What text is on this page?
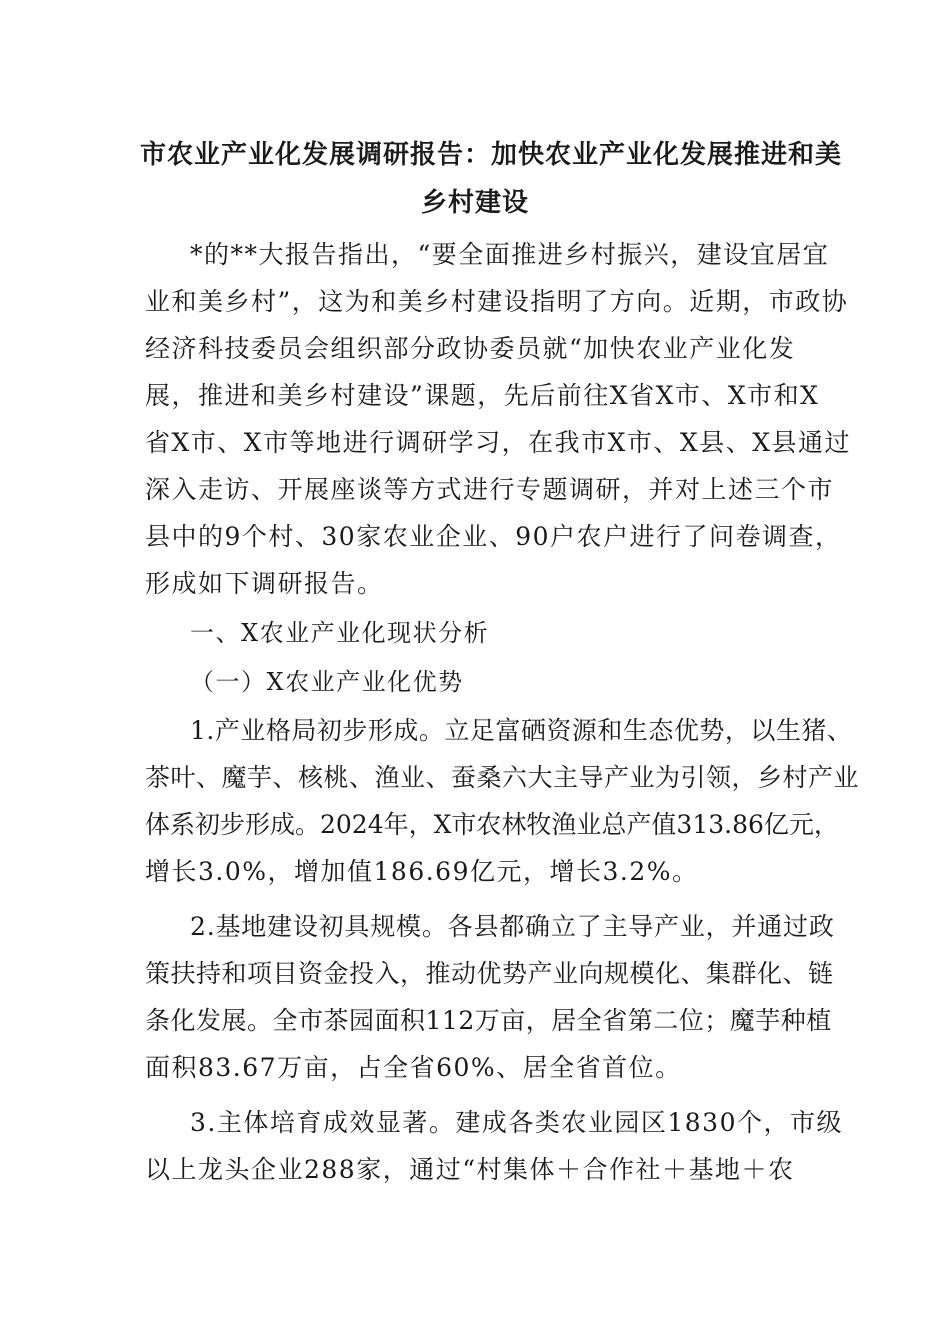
市农业产业化发展调研报告：加快农业产业化发展推进和美
乡村建设
*的**大报告指出，“要全面推进乡村振兴，建设宜居宜
业和美乡村”，这为和美乡村建设指明了方向。近期，市政协
经济科技委员会组织部分政协委员就“加快农业产业化发
展，推进和美乡村建设”课题，先后前往X省X市、X市和X
省X市、X市等地进行调研学习，在我市X市、X县、X县通过
深入走访、开展座谈等方式进行专题调研，并对上述三个市
县中的9个村、30家农业企业、90户农户进行了问卷调查，
形成如下调研报告。
一、X农业产业化现状分析
（一）X农业产业化优势
1.产业格局初步形成。立足富硒资源和生态优势，以生猪、
茶叶、魔芋、核桃、渔业、蚕桑六大主导产业为引领，乡村产业
体系初步形成。2024年，X市农林牧渔业总产值313.86亿元，
增长3.0%，增加值186.69亿元，增长3.2%。
2.基地建设初具规模。各县都确立了主导产业，并通过政
策扶持和项目资金投入，推动优势产业向规模化、集群化、链
条化发展。全市茶园面积112万亩，居全省第二位；魔芋种植
面积83.67万亩，占全省60%、居全省首位。
3.主体培育成效显著。建成各类农业园区1830个，市级
以上龙头企业288家，通过“村集体＋合作社＋基地＋农
